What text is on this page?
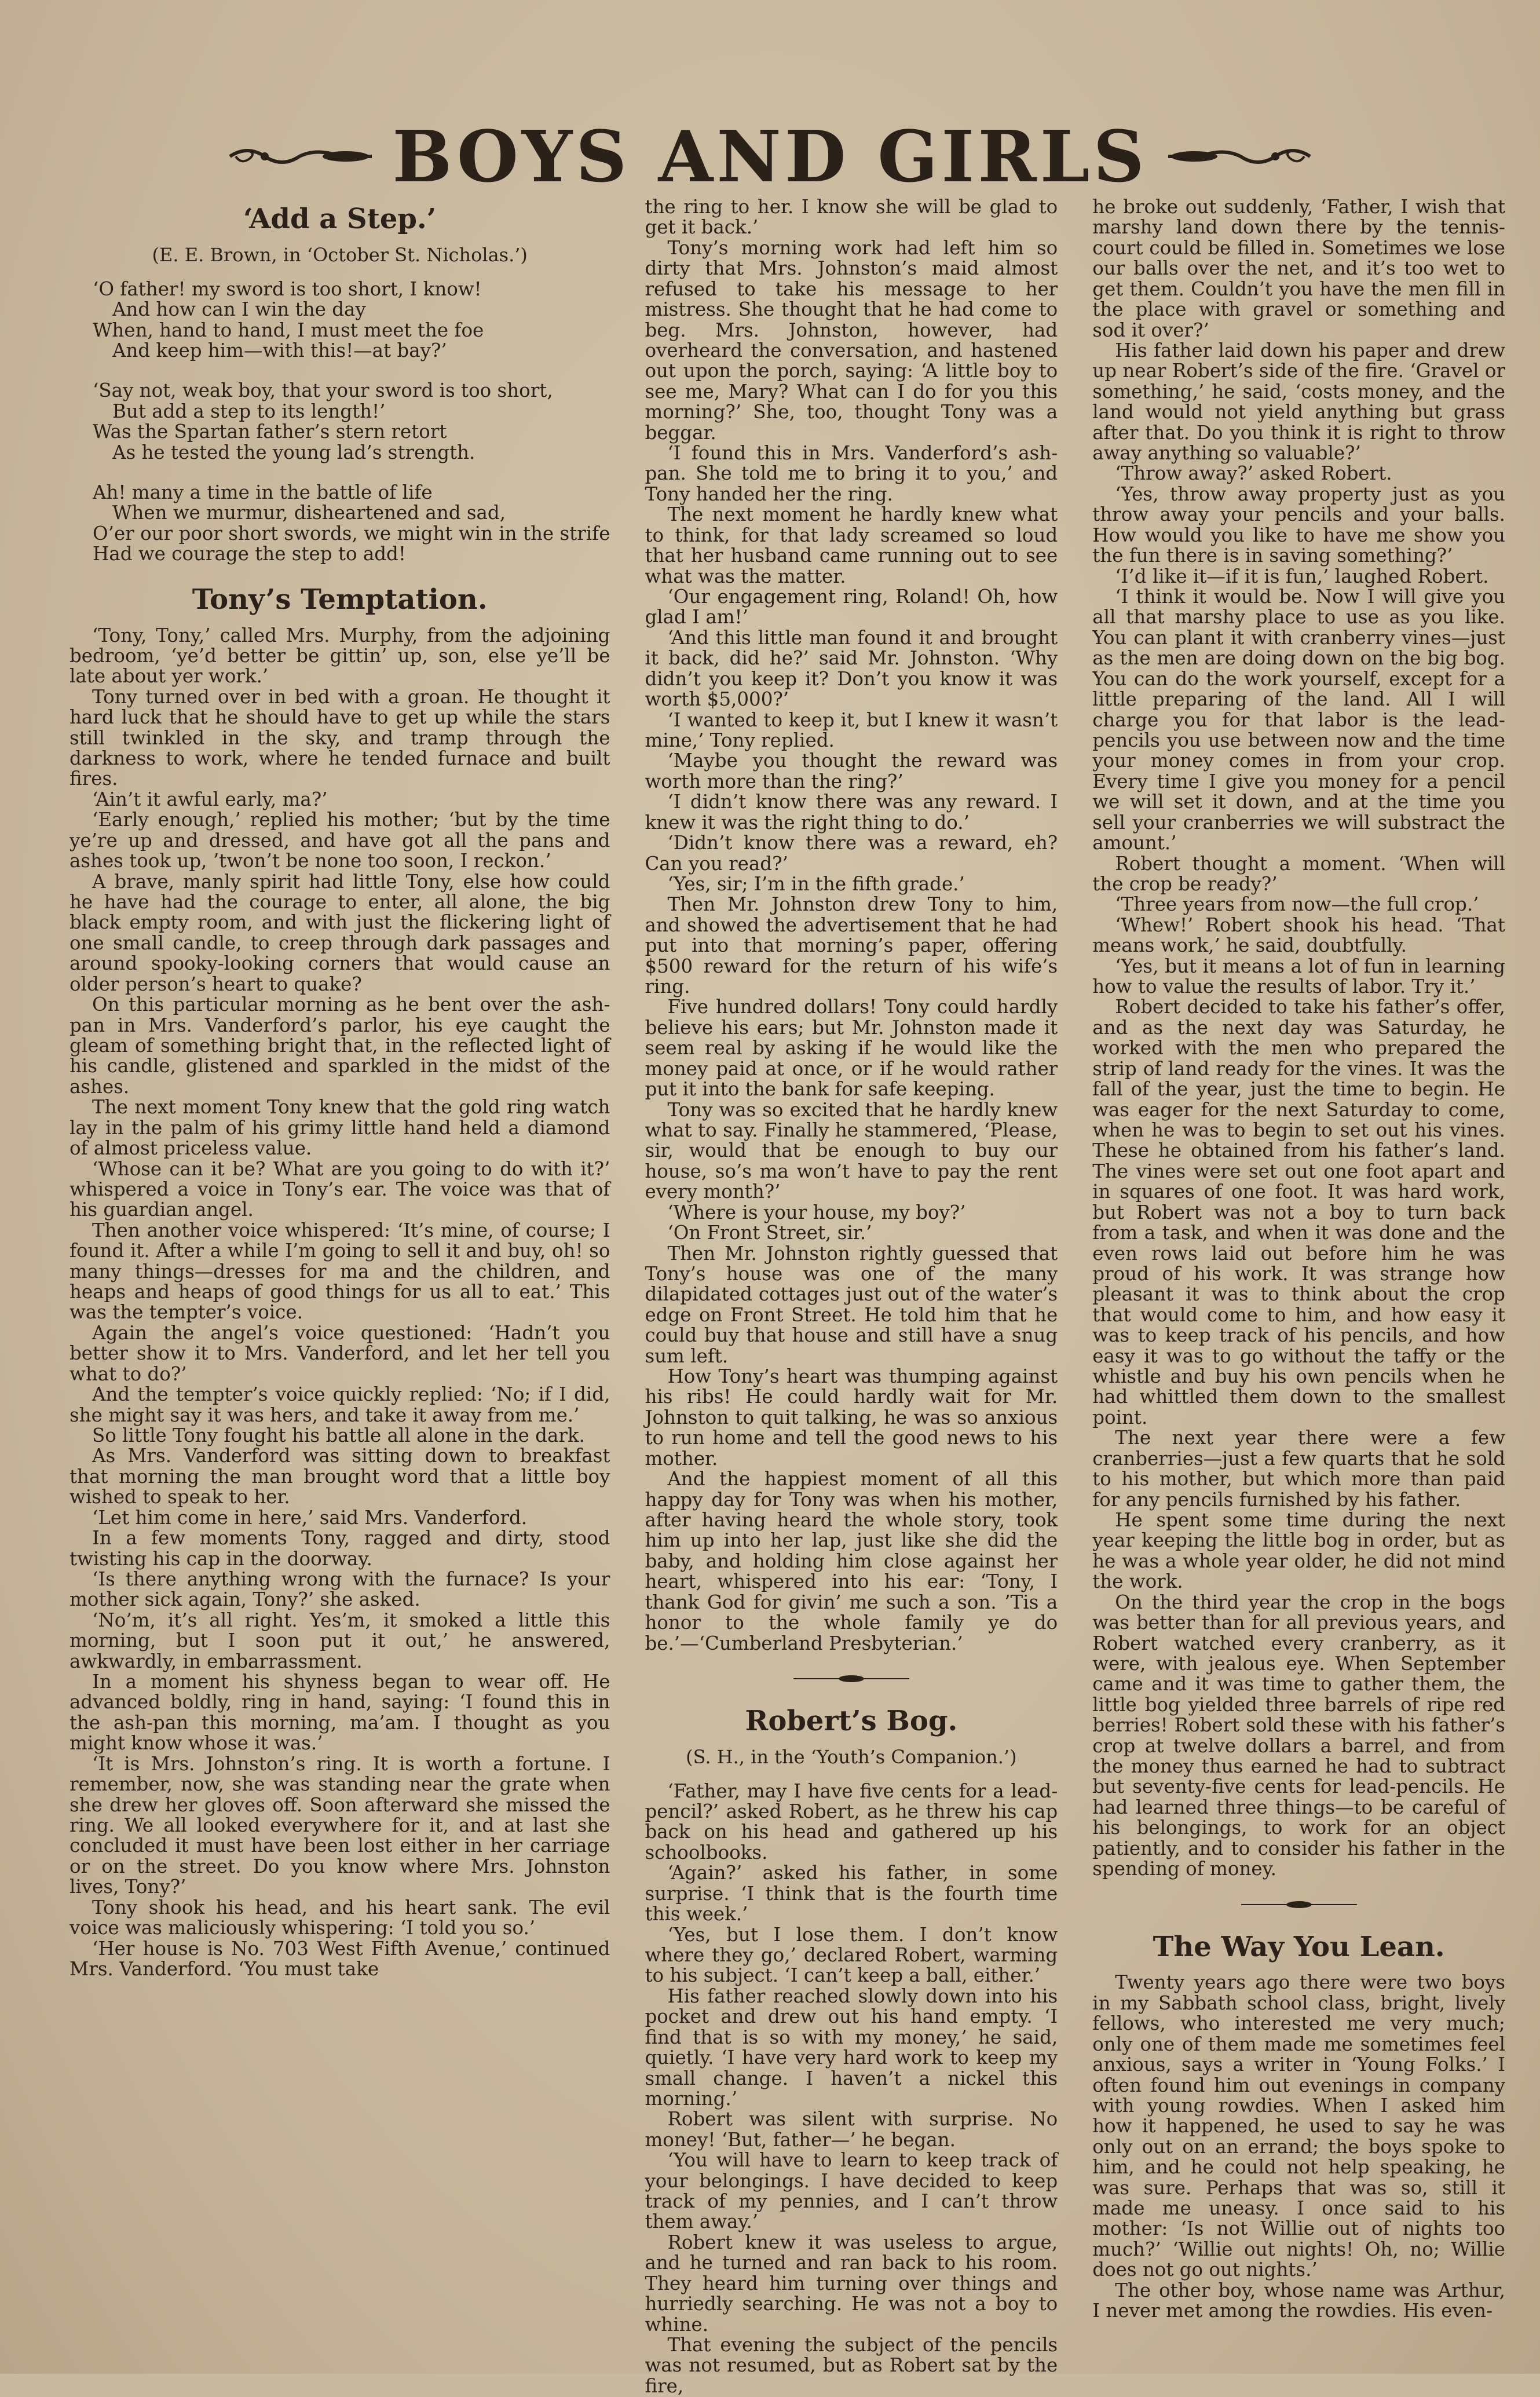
BOYS AND GIRLS
‘Add a Step.’
(E. E. Brown, in ‘October St. Nicholas.’)
‘O father! my sword is too short, I know!
And how can I win the day
When, hand to hand, I must meet the foe
And keep him—with this!—at bay?’
‘Say not, weak boy, that your sword is too short,
But add a step to its length!’
Was the Spartan father’s stern retort
As he tested the young lad’s strength.
Ah! many a time in the battle of life
When we murmur, disheartened and sad,
O’er our poor short swords, we might win in the strife
Had we courage the step to add!
Tony’s Temptation.

‘Tony, Tony,’ called Mrs. Murphy, from the adjoining bedroom, ‘ye’d better be gittin’ up, son, else ye’ll be late about yer work.’

Tony turned over in bed with a groan. He thought it hard luck that he should have to get up while the stars still twinkled in the sky, and tramp through the darkness to work, where he tended furnace and built fires.

‘Ain’t it awful early, ma?’

‘Early enough,’ replied his mother; ‘but by the time ye’re up and dressed, and have got all the pans and ashes took up, ’twon’t be none too soon, I reckon.’

A brave, manly spirit had little Tony, else how could he have had the courage to enter, all alone, the big black empty room, and with just the flickering light of one small candle, to creep through dark passages and around spooky-looking corners that would cause an older person’s heart to quake?

On this particular morning as he bent over the ash-pan in Mrs. Vanderford’s parlor, his eye caught the gleam of something bright that, in the reflected light of his candle, glistened and sparkled in the midst of the ashes.

The next moment Tony knew that the gold ring watch lay in the palm of his grimy little hand held a diamond of almost priceless value.

‘Whose can it be? What are you going to do with it?’ whispered a voice in Tony’s ear. The voice was that of his guardian angel.

Then another voice whispered: ‘It’s mine, of course; I found it. After a while I’m going to sell it and buy, oh! so many things—dresses for ma and the children, and heaps and heaps of good things for us all to eat.’ This was the tempter’s voice.

Again the angel’s voice questioned: ‘Hadn’t you better show it to Mrs. Vanderford, and let her tell you what to do?’

And the tempter’s voice quickly replied: ‘No; if I did, she might say it was hers, and take it away from me.’

So little Tony fought his battle all alone in the dark.

As Mrs. Vanderford was sitting down to breakfast that morning the man brought word that a little boy wished to speak to her.

‘Let him come in here,’ said Mrs. Vanderford.

In a few moments Tony, ragged and dirty, stood twisting his cap in the doorway.

‘Is there anything wrong with the furnace? Is your mother sick again, Tony?’ she asked.

‘No’m, it’s all right. Yes’m, it smoked a little this morning, but I soon put it out,’ he answered, awkwardly, in embarrassment.

In a moment his shyness began to wear off. He advanced boldly, ring in hand, saying: ‘I found this in the ash-pan this morning, ma’am. I thought as you might know whose it was.’

‘It is Mrs. Johnston’s ring. It is worth a fortune. I remember, now, she was standing near the grate when she drew her gloves off. Soon afterward she missed the ring. We all looked everywhere for it, and at last she concluded it must have been lost either in her carriage or on the street. Do you know where Mrs. Johnston lives, Tony?’

Tony shook his head, and his heart sank. The evil voice was maliciously whispering: ‘I told you so.’

‘Her house is No. 703 West Fifth Avenue,’ continued Mrs. Vanderford. ‘You must take

the ring to her. I know she will be glad to get it back.’

Tony’s morning work had left him so dirty that Mrs. Johnston’s maid almost refused to take his message to her mistress. She thought that he had come to beg. Mrs. Johnston, however, had overheard the conversation, and hastened out upon the porch, saying: ‘A little boy to see me, Mary? What can I do for you this morning?’ She, too, thought Tony was a beggar.

‘I found this in Mrs. Vanderford’s ash-pan. She told me to bring it to you,’ and Tony handed her the ring.

The next moment he hardly knew what to think, for that lady screamed so loud that her husband came running out to see what was the matter.

‘Our engagement ring, Roland! Oh, how glad I am!’

‘And this little man found it and brought it back, did he?’ said Mr. Johnston. ‘Why didn’t you keep it? Don’t you know it was worth $5,000?’

‘I wanted to keep it, but I knew it wasn’t mine,’ Tony replied.

‘Maybe you thought the reward was worth more than the ring?’

‘I didn’t know there was any reward. I knew it was the right thing to do.’

‘Didn’t know there was a reward, eh? Can you read?’

‘Yes, sir; I’m in the fifth grade.’

Then Mr. Johnston drew Tony to him, and showed the advertisement that he had put into that morning’s paper, offering $500 reward for the return of his wife’s ring.

Five hundred dollars! Tony could hardly believe his ears; but Mr. Johnston made it seem real by asking if he would like the money paid at once, or if he would rather put it into the bank for safe keeping.

Tony was so excited that he hardly knew what to say. Finally he stammered, ‘Please, sir, would that be enough to buy our house, so’s ma won’t have to pay the rent every month?’

‘Where is your house, my boy?’

‘On Front Street, sir.’

Then Mr. Johnston rightly guessed that Tony’s house was one of the many dilapidated cottages just out of the water’s edge on Front Street. He told him that he could buy that house and still have a snug sum left.

How Tony’s heart was thumping against his ribs! He could hardly wait for Mr. Johnston to quit talking, he was so anxious to run home and tell the good news to his mother.

And the happiest moment of all this happy day for Tony was when his mother, after having heard the whole story, took him up into her lap, just like she did the baby, and holding him close against her heart, whispered into his ear: ‘Tony, I thank God for givin’ me such a son. ’Tis a honor to the whole family ye do be.’—‘Cumberland Presbyterian.’

Robert’s Bog.
(S. H., in the ‘Youth’s Companion.’)

‘Father, may I have five cents for a lead-pencil?’ asked Robert, as he threw his cap back on his head and gathered up his schoolbooks.

‘Again?’ asked his father, in some surprise. ‘I think that is the fourth time this week.’

‘Yes, but I lose them. I don’t know where they go,’ declared Robert, warming to his subject. ‘I can’t keep a ball, either.’

His father reached slowly down into his pocket and drew out his hand empty. ‘I find that is so with my money,’ he said, quietly. ‘I have very hard work to keep my small change. I haven’t a nickel this morning.’

Robert was silent with surprise. No money! ‘But, father—’ he began.

‘You will have to learn to keep track of your belongings. I have decided to keep track of my pennies, and I can’t throw them away.’

Robert knew it was useless to argue, and he turned and ran back to his room. They heard him turning over things and hurriedly searching. He was not a boy to whine.

That evening the subject of the pencils was not resumed, but as Robert sat by the fire,

he broke out suddenly, ‘Father, I wish that marshy land down there by the tennis-court could be filled in. Sometimes we lose our balls over the net, and it’s too wet to get them. Couldn’t you have the men fill in the place with gravel or something and sod it over?’

His father laid down his paper and drew up near Robert’s side of the fire. ‘Gravel or something,’ he said, ‘costs money, and the land would not yield anything but grass after that. Do you think it is right to throw away anything so valuable?’

‘Throw away?’ asked Robert.

‘Yes, throw away property just as you throw away your pencils and your balls. How would you like to have me show you the fun there is in saving something?’

‘I’d like it—if it is fun,’ laughed Robert.

‘I think it would be. Now I will give you all that marshy place to use as you like. You can plant it with cranberry vines—just as the men are doing down on the big bog. You can do the work yourself, except for a little preparing of the land. All I will charge you for that labor is the lead-pencils you use between now and the time your money comes in from your crop. Every time I give you money for a pencil we will set it down, and at the time you sell your cranberries we will substract the amount.’

Robert thought a moment. ‘When will the crop be ready?’

‘Three years from now—the full crop.’

‘Whew!’ Robert shook his head. ‘That means work,’ he said, doubtfully.

‘Yes, but it means a lot of fun in learning how to value the results of labor. Try it.’

Robert decided to take his father’s offer, and as the next day was Saturday, he worked with the men who prepared the strip of land ready for the vines. It was the fall of the year, just the time to begin. He was eager for the next Saturday to come, when he was to begin to set out his vines. These he obtained from his father’s land. The vines were set out one foot apart and in squares of one foot. It was hard work, but Robert was not a boy to turn back from a task, and when it was done and the even rows laid out before him he was proud of his work. It was strange how pleasant it was to think about the crop that would come to him, and how easy it was to keep track of his pencils, and how easy it was to go without the taffy or the whistle and buy his own pencils when he had whittled them down to the smallest point.

The next year there were a few cranberries—just a few quarts that he sold to his mother, but which more than paid for any pencils furnished by his father.

He spent some time during the next year keeping the little bog in order, but as he was a whole year older, he did not mind the work.

On the third year the crop in the bogs was better than for all previous years, and Robert watched every cranberry, as it were, with jealous eye. When September came and it was time to gather them, the little bog yielded three barrels of ripe red berries! Robert sold these with his father’s crop at twelve dollars a barrel, and from the money thus earned he had to subtract but seventy-five cents for lead-pencils. He had learned three things—to be careful of his belongings, to work for an object patiently, and to consider his father in the spending of money.

The Way You Lean.

Twenty years ago there were two boys in my Sabbath school class, bright, lively fellows, who interested me very much; only one of them made me sometimes feel anxious, says a writer in ‘Young Folks.’ I often found him out evenings in company with young rowdies. When I asked him how it happened, he used to say he was only out on an errand; the boys spoke to him, and he could not help speaking, he was sure. Perhaps that was so, still it made me uneasy. I once said to his mother: ‘Is not Willie out of nights too much?’ ‘Willie out nights! Oh, no; Willie does not go out nights.’

The other boy, whose name was Arthur, I never met among the rowdies. His even-
